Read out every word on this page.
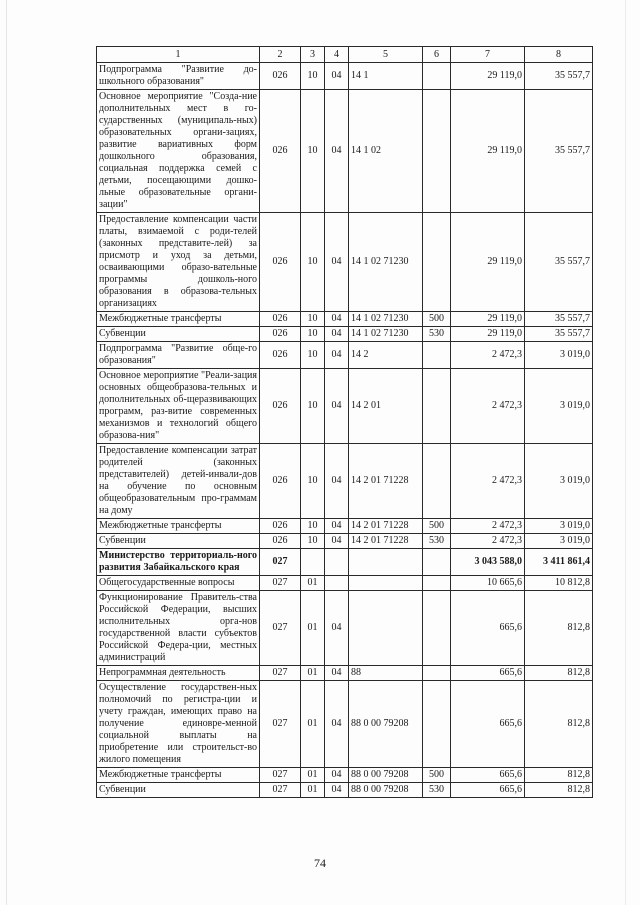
1	2	3	4	5	6	7	8
Подпрограмма "Развитие до-школьного образования"	026	10	04	14 1		29 119,0	35 557,7
Основное мероприятие "Созда-ние дополнительных мест в го-сударственных (муниципаль-ных) образовательных органи-зациях, развитие вариативных форм дошкольного образования, социальная поддержка семей с детьми, посещающими дошко-льные образовательные органи-зации"	026	10	04	14 1 02		29 119,0	35 557,7
Предоставление компенсации части платы, взимаемой с роди-телей (законных представите-лей) за присмотр и уход за детьми, осваивающими образо-вательные программы дошколь-ного образования в образова-тельных организациях	026	10	04	14 1 02 71230		29 119,0	35 557,7
Межбюджетные трансферты	026	10	04	14 1 02 71230	500	29 119,0	35 557,7
Субвенции	026	10	04	14 1 02 71230	530	29 119,0	35 557,7
Подпрограмма "Развитие обще-го образования"	026	10	04	14 2		2 472,3	3 019,0
Основное мероприятие "Реали-зация основных общеобразова-тельных и дополнительных об-щеразвивающих программ, раз-витие современных механизмов и технологий общего образова-ния"	026	10	04	14 2 01		2 472,3	3 019,0
Предоставление компенсации затрат родителей (законных представителей) детей-инвали-дов на обучение по основным общеобразовательным про-граммам на дому	026	10	04	14 2 01 71228		2 472,3	3 019,0
Межбюджетные трансферты	026	10	04	14 2 01 71228	500	2 472,3	3 019,0
Субвенции	026	10	04	14 2 01 71228	530	2 472,3	3 019,0
Министерство территориаль-ного развития Забайкальского края	027					3 043 588,0	3 411 861,4
Общегосударственные вопросы	027	01				10 665,6	10 812,8
Функционирование Правитель-ства Российской Федерации, высших исполнительных орга-нов государственной власти субъектов Российской Федера-ции, местных администраций	027	01	04			665,6	812,8
Непрограммная деятельность	027	01	04	88		665,6	812,8
Осуществление государствен-ных полномочий по регистра-ции и учету граждан, имеющих право на получение единовре-менной социальной выплаты на приобретение или строительст-во жилого помещения	027	01	04	88 0 00 79208		665,6	812,8
Межбюджетные трансферты	027	01	04	88 0 00 79208	500	665,6	812,8
Субвенции	027	01	04	88 0 00 79208	530	665,6	812,8
74
